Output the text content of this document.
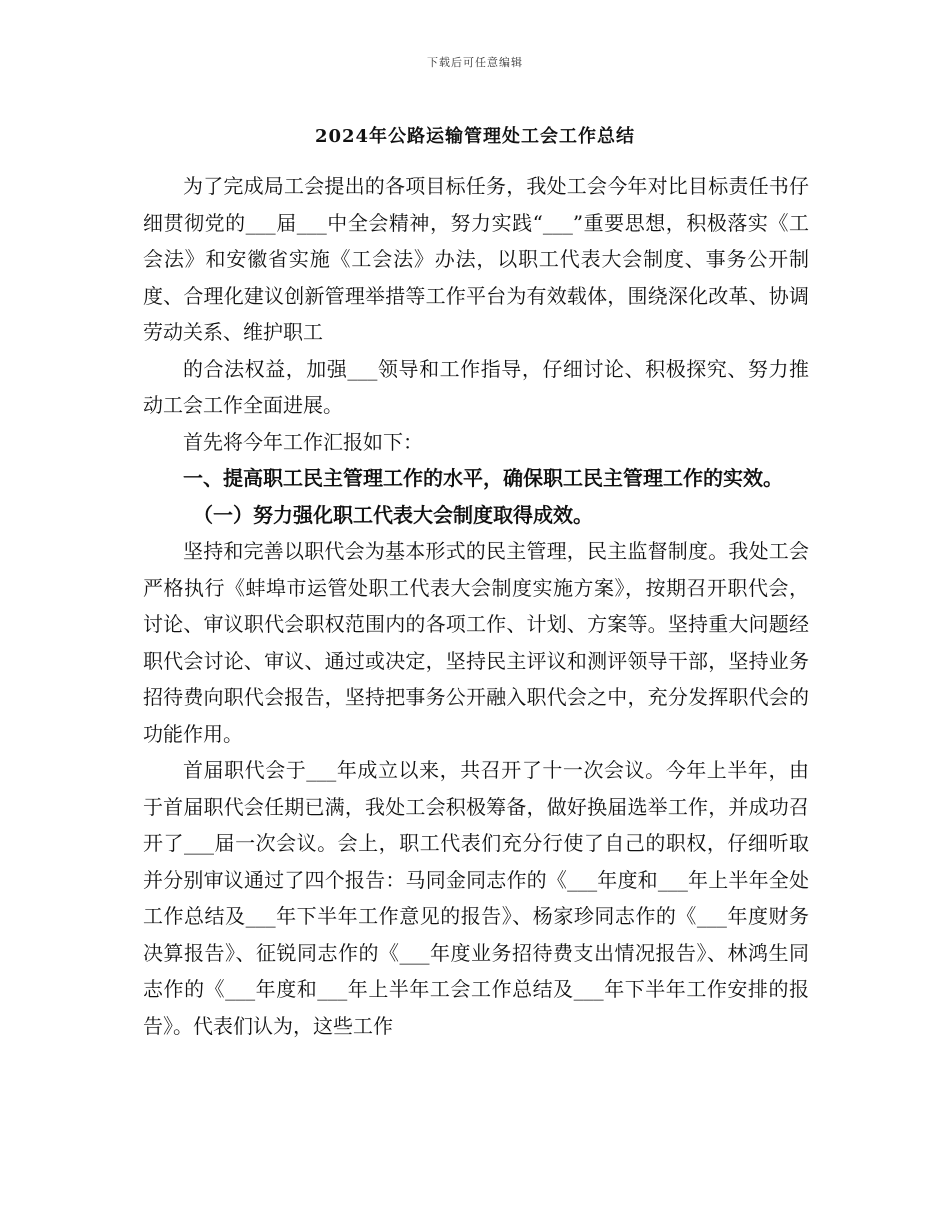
下载后可任意编辑
2024年公路运输管理处工会工作总结

为了完成局工会提出的各项目标任务，我处工会今年对比目标责任书仔细贯彻党的___届___中全会精神，努力实践“___”重要思想，积极落实《工会法》和安徽省实施《工会法》办法，以职工代表大会制度、事务公开制度、合理化建议创新管理举措等工作平台为有效载体，围绕深化改革、协调劳动关系、维护职工

的合法权益，加强___领导和工作指导，仔细讨论、积极探究、努力推动工会工作全面进展。

首先将今年工作汇报如下：

一、提高职工民主管理工作的水平，确保职工民主管理工作的实效。

（一）努力强化职工代表大会制度取得成效。

坚持和完善以职代会为基本形式的民主管理，民主监督制度。我处工会严格执行《蚌埠市运管处职工代表大会制度实施方案》，按期召开职代会，讨论、审议职代会职权范围内的各项工作、计划、方案等。坚持重大问题经职代会讨论、审议、通过或决定，坚持民主评议和测评领导干部，坚持业务招待费向职代会报告，坚持把事务公开融入职代会之中，充分发挥职代会的功能作用。

首届职代会于___年成立以来，共召开了十一次会议。今年上半年，由于首届职代会任期已满，我处工会积极筹备，做好换届选举工作，并成功召开了___届一次会议。会上，职工代表们充分行使了自己的职权，仔细听取并分别审议通过了四个报告：马同金同志作的《___年度和___年上半年全处工作总结及___年下半年工作意见的报告》、杨家珍同志作的《___年度财务决算报告》、征锐同志作的《___年度业务招待费支出情况报告》、林鸿生同志作的《___年度和___年上半年工会工作总结及___年下半年工作安排的报告》。代表们认为，这些工作
